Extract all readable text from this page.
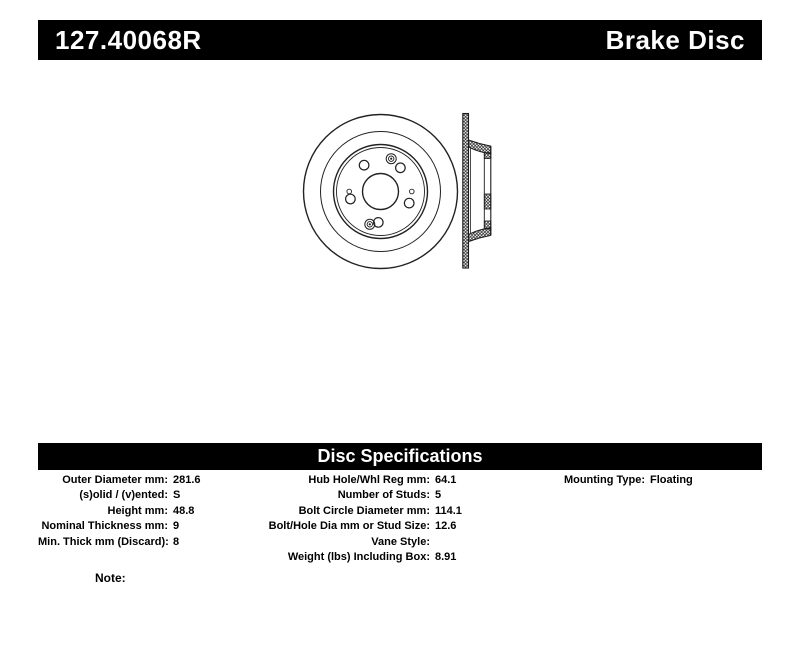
127.40068R	Brake Disc
Disc Specifications
Outer Diameter mm: 281.6
(s)olid / (v)ented: S
Height mm: 48.8
Nominal Thickness mm: 9
Min. Thick mm (Discard): 8
Hub Hole/Whl Reg mm: 64.1
Number of Studs: 5
Bolt Circle Diameter mm: 114.1
Bolt/Hole Dia mm or Stud Size: 12.6
Vane Style:
Weight (lbs) Including Box: 8.91
Mounting Type: Floating
Note:
